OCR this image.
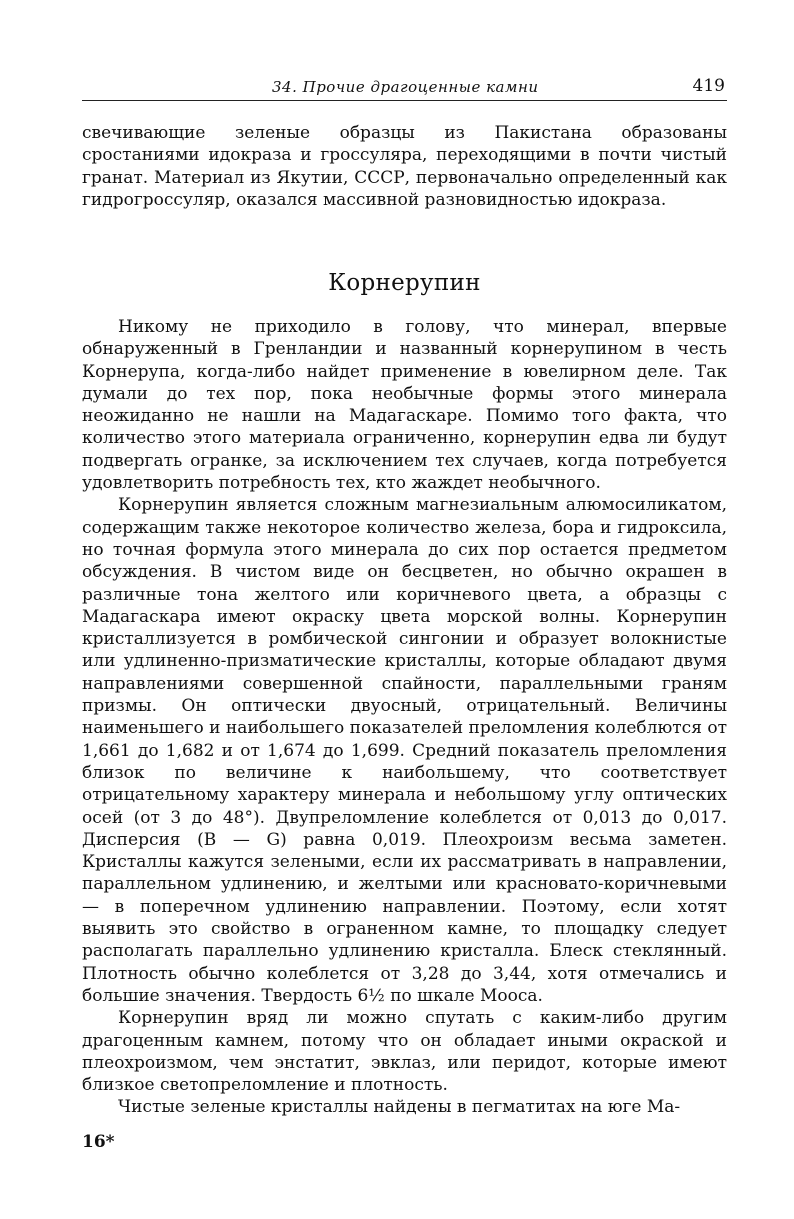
34. Прочие драгоценные камни	419

свечивающие зеленые образцы из Пакистана образованы сростаниями идокраза и гроссуляра, переходящими в почти чистый гранат. Материал из Якутии, СССР, первоначально определенный как гидрогроссуляр, оказался массивной разновидностью идокраза.

Корнерупин

Никому не приходило в голову, что минерал, впервые обнаруженный в Гренландии и названный корнерупином в честь Корнерупа, когда-либо найдет применение в ювелирном деле. Так думали до тех пор, пока необычные формы этого минерала неожиданно не нашли на Мадагаскаре. Помимо того факта, что количество этого материала ограниченно, корнерупин едва ли будут подвергать огранке, за исключением тех случаев, когда потребуется удовлетворить потребность тех, кто жаждет необычного.

Корнерупин является сложным магнезиальным алюмосиликатом, содержащим также некоторое количество железа, бора и гидроксила, но точная формула этого минерала до сих пор остается предметом обсуждения. В чистом виде он бесцветен, но обычно окрашен в различные тона желтого или коричневого цвета, а образцы с Мадагаскара имеют окраску цвета морской волны. Корнерупин кристаллизуется в ромбической сингонии и образует волокнистые или удлиненно-призматические кристаллы, которые обладают двумя направлениями совершенной спайности, параллельными граням призмы. Он оптически двуосный, отрицательный. Величины наименьшего и наибольшего показателей преломления колеблются от 1,661 до 1,682 и от 1,674 до 1,699. Средний показатель преломления близок по величине к наибольшему, что соответствует отрицательному характеру минерала и небольшому углу оптических осей (от 3 до 48°). Двупреломление колеблется от 0,013 до 0,017. Дисперсия (B — G) равна 0,019. Плеохроизм весьма заметен. Кристаллы кажутся зелеными, если их рассматривать в направлении, параллельном удлинению, и желтыми или красновато-коричневыми — в поперечном удлинению направлении. Поэтому, если хотят выявить это свойство в ограненном камне, то площадку следует располагать параллельно удлинению кристалла. Блеск стеклянный. Плотность обычно колеблется от 3,28 до 3,44, хотя отмечались и большие значения. Твердость 6½ по шкале Мооса.

Корнерупин вряд ли можно спутать с каким-либо другим драгоценным камнем, потому что он обладает иными окраской и плеохроизмом, чем энстатит, эвклаз, или перидот, которые имеют близкое светопреломление и плотность.

Чистые зеленые кристаллы найдены в пегматитах на юге Ма-

16*
